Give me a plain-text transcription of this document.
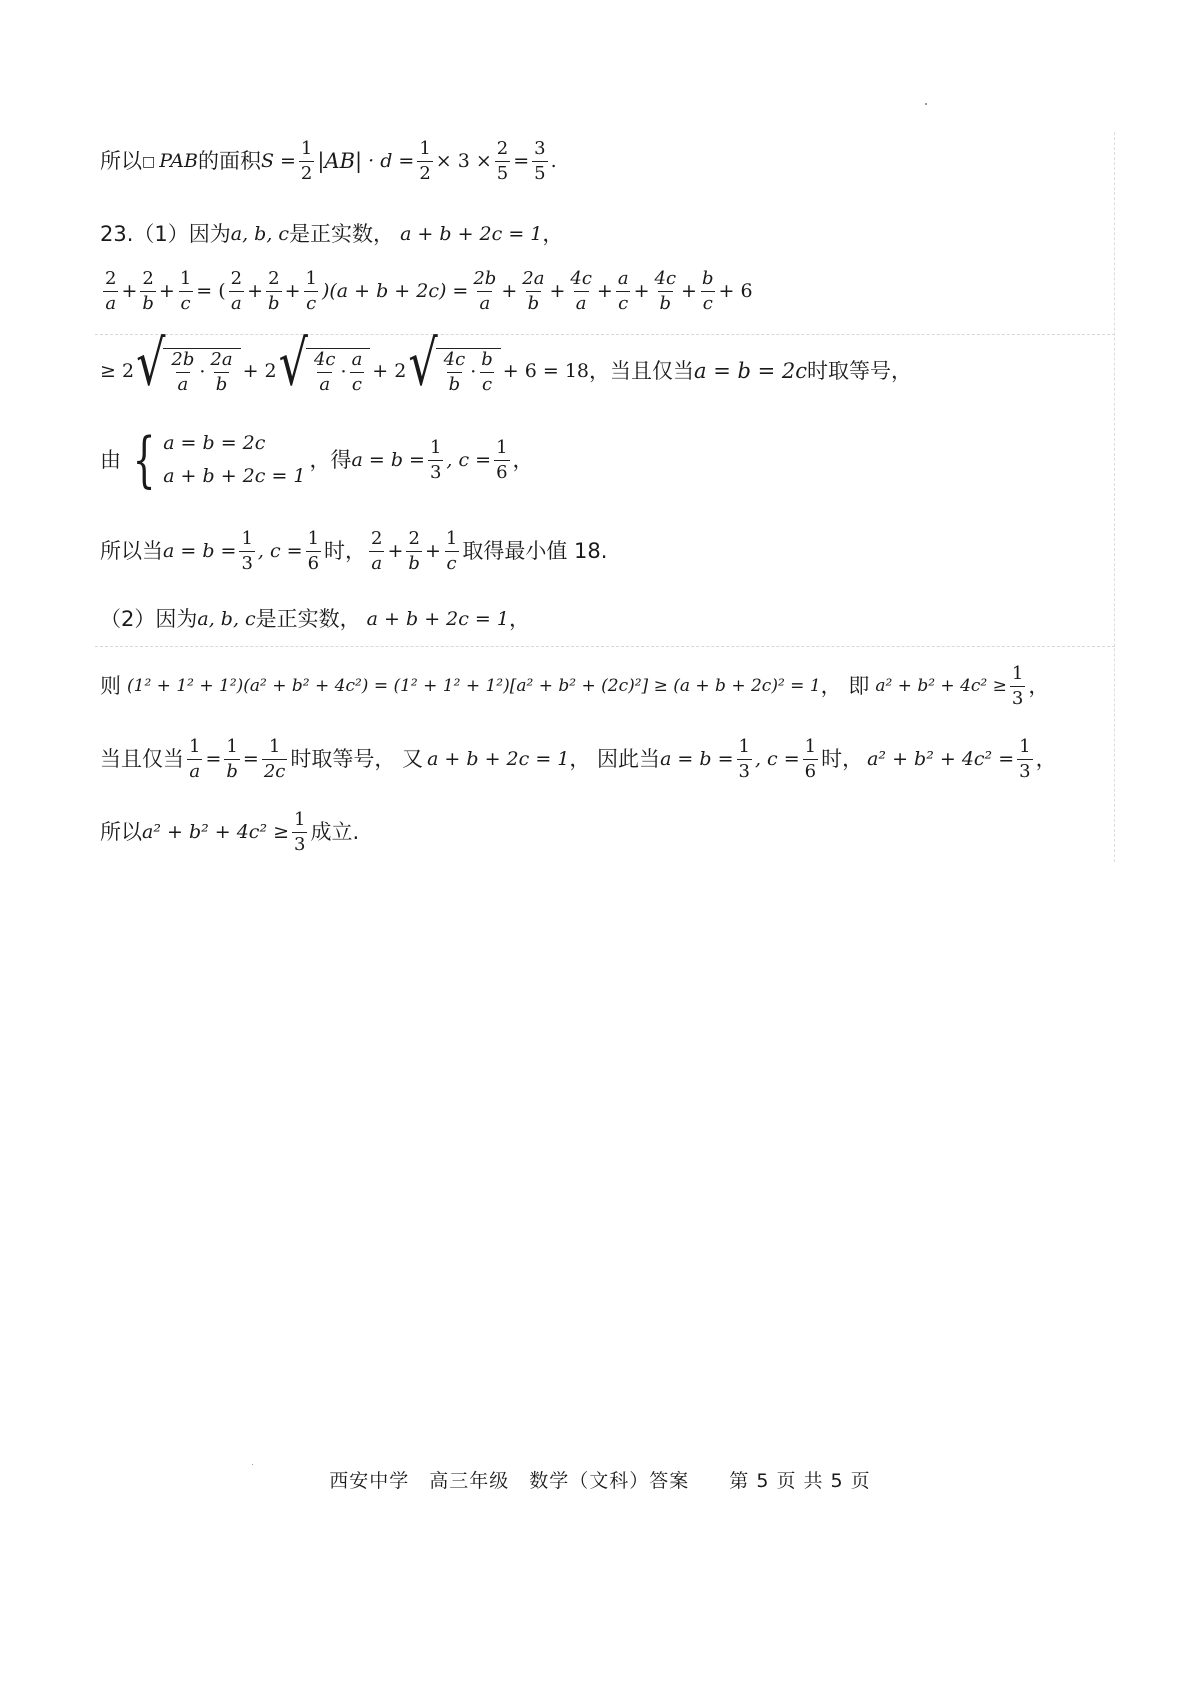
所以 □ PAB 的面积 $S = \frac{1}{2} |AB| \cdot d = \frac{1}{2} \times 3 \times \frac{2}{5} = \frac{3}{5}$ .
23.（1）因为 a, b, c 是正实数， a + b + 2c = 1 ，
$\frac{2}{a} + \frac{2}{b} + \frac{1}{c}$ = ( $\frac{2}{a} + \frac{2}{b} + \frac{1}{c} )(a + b + 2c) = \frac{2b}{a} + \frac{2a}{b} + \frac{4c}{a} + \frac{a}{c} + \frac{4c}{b} + \frac{b}{c} + 6$
≥ 2 √ $\frac{2b}{a} \cdot \frac{2a}{b} + 2$ √ $\frac{4c}{a} \cdot \frac{a}{c} + 2$ √ $\frac{4c}{b} \cdot \frac{b}{c} + 6 = 18$ ， 当且仅当 a = b = 2c 时取等号，
由 { a = b = 2c
a + b + 2c = 1
，得 $a = b = \frac{1}{3}$ , $c = \frac{1}{6}$ ，
所以当 $a = b = \frac{1}{3}$ , $c = \frac{1}{6}$ 时， $\frac{2}{a} + \frac{2}{b} + \frac{1}{c}$ 取得最小值 18.
（2）因为 a, b, c 是正实数， a + b + 2c = 1 ，
则 (1² + 1² + 1²)(a² + b² + 4c²) = (1² + 1² + 1²)[a² + b² + (2c)²] ≥ (a + b + 2c)² = 1 ， 即 $a^2 + b^2 + 4c^2 \ge \frac{1}{3}$ ，
当且仅当 $\frac{1}{a} = \frac{1}{b} = \frac{1}{2c}$ 时取等号， 又 a + b + 2c = 1 ， 因此当 $a = b = \frac{1}{3}$ , $c = \frac{1}{6}$ 时， $a^2 + b^2 + 4c^2 = \frac{1}{3}$ ，
所以 $a^2 + b^2 + 4c^2 \ge \frac{1}{3}$ 成立.
西安中学　高三年级　数学（文科）答案　　第 5 页 共 5 页
